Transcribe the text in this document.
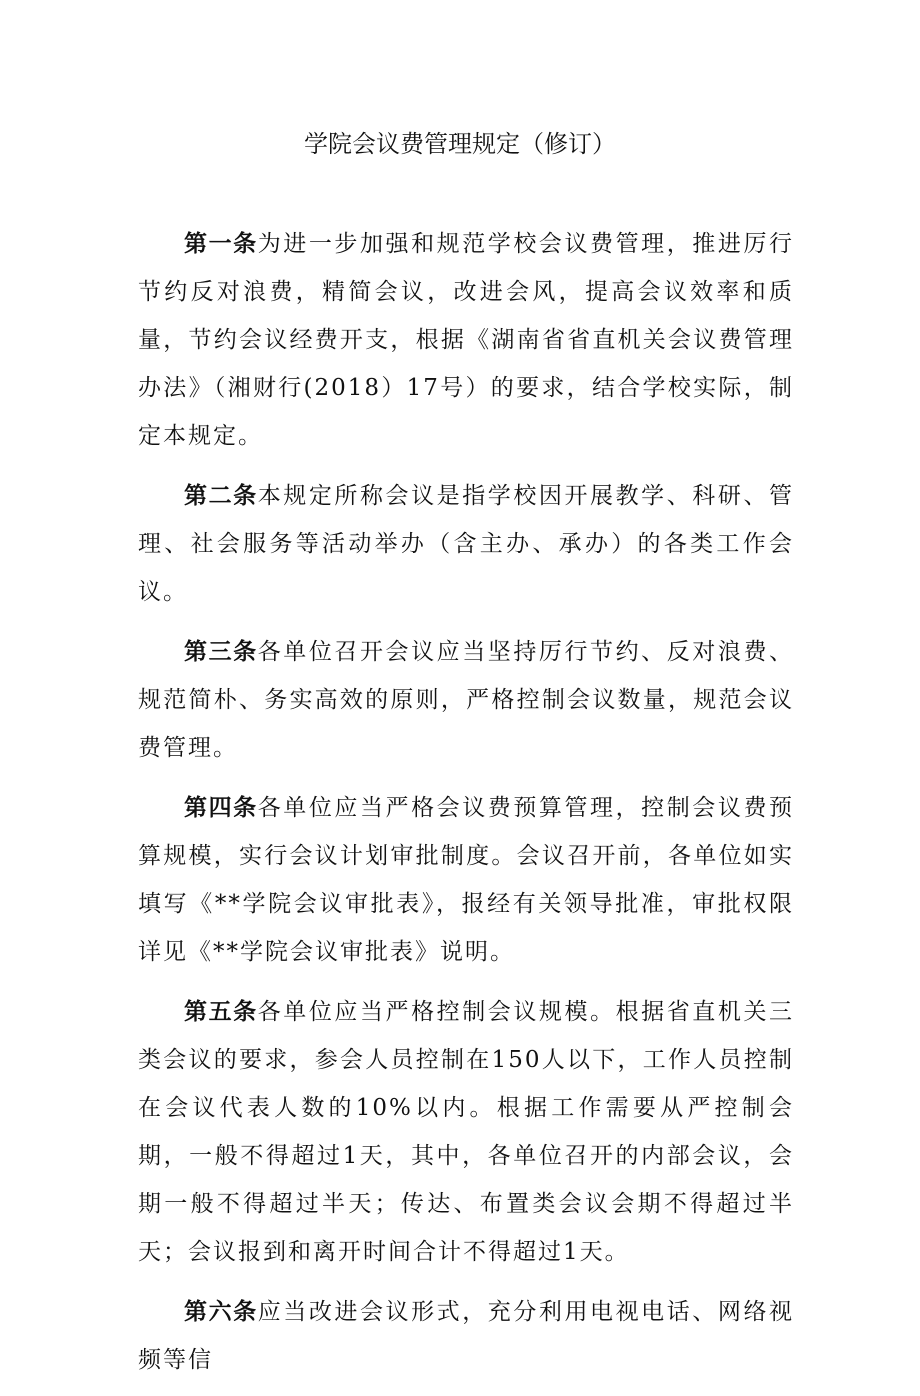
学院会议费管理规定（修订）

第一条为进一步加强和规范学校会议费管理，推进厉行节约反对浪费，精简会议，改进会风，提高会议效率和质量，节约会议经费开支，根据《湖南省省直机关会议费管理办法》（湘财行(2018）17号）的要求，结合学校实际，制定本规定。

第二条本规定所称会议是指学校因开展教学、科研、管理、社会服务等活动举办（含主办、承办）的各类工作会议。

第三条各单位召开会议应当坚持厉行节约、反对浪费、规范简朴、务实高效的原则，严格控制会议数量，规范会议费管理。

第四条各单位应当严格会议费预算管理，控制会议费预算规模，实行会议计划审批制度。会议召开前，各单位如实填写《**学院会议审批表》，报经有关领导批准，审批权限详见《**学院会议审批表》说明。

第五条各单位应当严格控制会议规模。根据省直机关三类会议的要求，参会人员控制在150人以下，工作人员控制在会议代表人数的10%以内。根据工作需要从严控制会期，一般不得超过1天，其中，各单位召开的内部会议，会期一般不得超过半天；传达、布置类会议会期不得超过半天；会议报到和离开时间合计不得超过1天。

第六条应当改进会议形式，充分利用电视电话、网络视频等信
